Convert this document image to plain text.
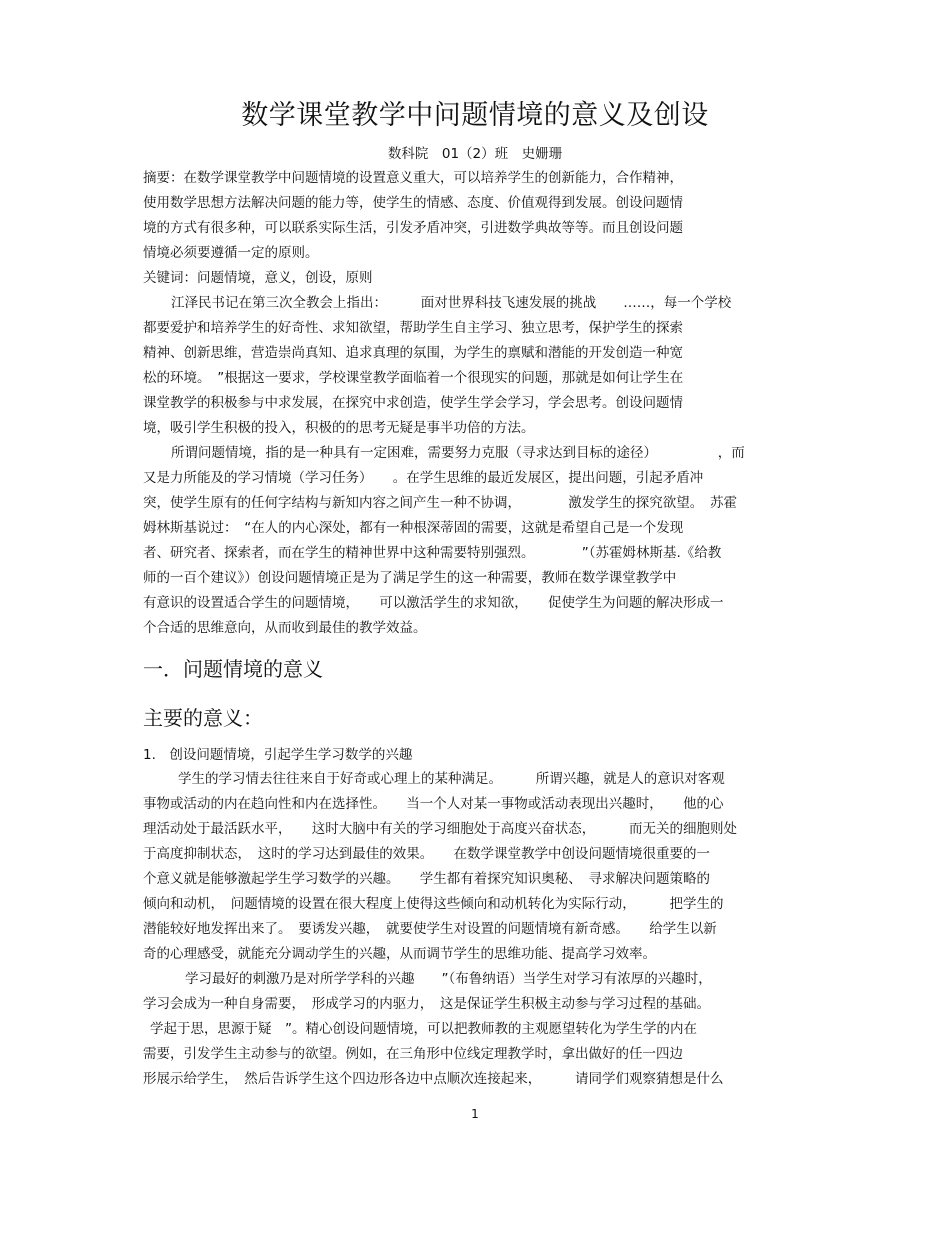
数学课堂教学中问题情境的意义及创设
数科院　01（2）班　史姗珊
摘要：在数学课堂教学中问题情境的设置意义重大，可以培养学生的创新能力，合作精神，
使用数学思想方法解决问题的能力等，使学生的情感、态度、价值观得到发展。创设问题情
境的方式有很多种，可以联系实际生活，引发矛盾冲突，引进数学典故等等。而且创设问题
情境必须要遵循一定的原则。
关键词：问题情境，意义，创设，原则
江泽民书记在第三次全教会上指出：　　　面对世界科技飞速发展的挑战　　……，每一个学校
都要爱护和培养学生的好奇性、求知欲望，帮助学生自主学习、独立思考，保护学生的探索
精神、创新思维，营造崇尚真知、追求真理的氛围，为学生的禀赋和潜能的开发创造一种宽
松的环境。　”根据这一要求，学校课堂教学面临着一个很现实的问题，那就是如何让学生在
课堂教学的积极参与中求发展，在探究中求创造，使学生学会学习，学会思考。创设问题情
境，吸引学生积极的投入，积极的的思考无疑是事半功倍的方法。
所谓问题情境，指的是一种具有一定困难，需要努力克服（寻求达到目标的途径）　　　　　，而
又是力所能及的学习情境（学习任务）　　。在学生思维的最近发展区，提出问题，引起矛盾冲
突，使学生原有的任何字结构与新知内容之间产生一种不协调，　　　　激发学生的探究欲望。　苏霍
姆林斯基说过：　“在人的内心深处，都有一种根深蒂固的需要，这就是希望自己是一个发现
者、研究者、探索者，而在学生的精神世界中这种需要特别强烈。　　　　”（苏霍姆林斯基.《给教
师的一百个建议》）创设问题情境正是为了满足学生的这一种需要，教师在数学课堂教学中
有意识的设置适合学生的问题情境，　　可以激活学生的求知欲，　　促使学生为问题的解决形成一
个合适的思维意向，从而收到最佳的教学效益。
一．问题情境的意义
主要的意义：
1.　创设问题情境，引起学生学习数学的兴趣
学生的学习情去往往来自于好奇或心理上的某种满足。　　　所谓兴趣，就是人的意识对客观
事物或活动的内在趋向性和内在选择性。　　当一个人对某一事物或活动表现出兴趣时，　　他的心
理活动处于最活跃水平，　　这时大脑中有关的学习细胞处于高度兴奋状态，　　　而无关的细胞则处
于高度抑制状态，　这时的学习达到最佳的效果。　　在数学课堂教学中创设问题情境很重要的一
个意义就是能够激起学生学习数学的兴趣。　　学生都有着探究知识奥秘、　寻求解决问题策略的
倾向和动机，　问题情境的设置在很大程度上使得这些倾向和动机转化为实际行动，　　　把学生的
潜能较好地发挥出来了。　要诱发兴趣，　就要使学生对设置的问题情境有新奇感。　　给学生以新
奇的心理感受，就能充分调动学生的兴趣，从而调节学生的思维功能、提高学习效率。
学习最好的刺激乃是对所学学科的兴趣　　”（布鲁纳语）当学生对学习有浓厚的兴趣时，
学习会成为一种自身需要，　形成学习的内驱力，　这是保证学生积极主动参与学习过程的基础。
学起于思，思源于疑　”。精心创设问题情境，可以把教师教的主观愿望转化为学生学的内在
需要，引发学生主动参与的欲望。例如，在三角形中位线定理教学时，拿出做好的任一四边
形展示给学生，　然后告诉学生这个四边形各边中点顺次连接起来，　　　请同学们观察猜想是什么
1
